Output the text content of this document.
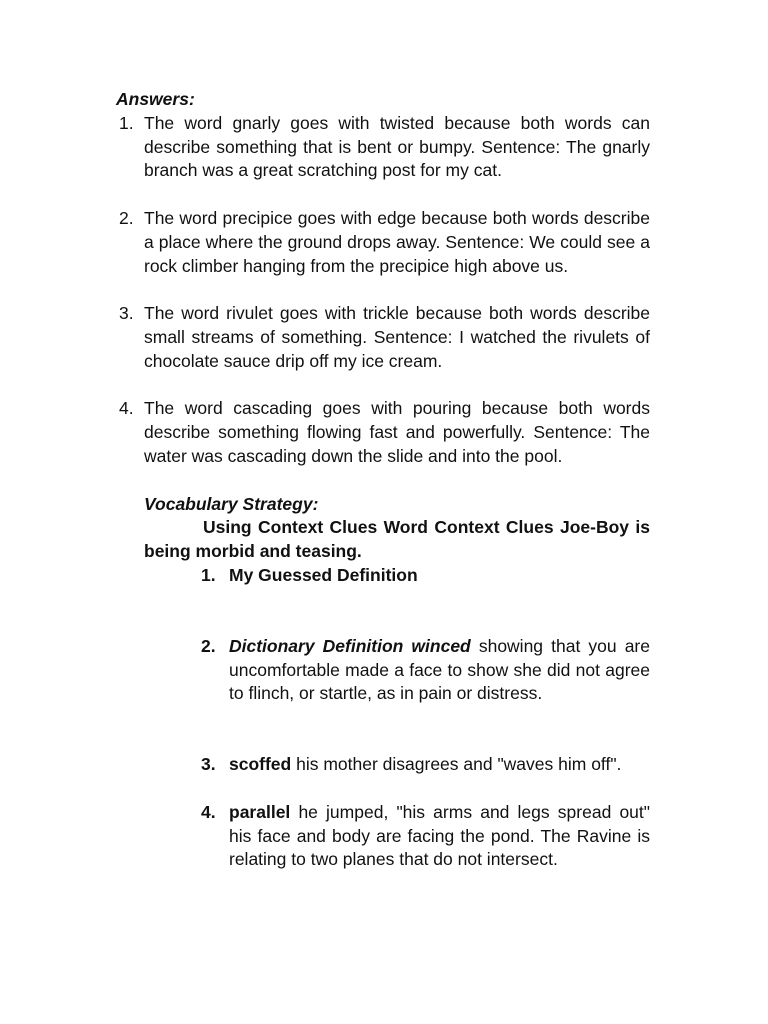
Answers:

1. The word gnarly goes with twisted because both words can describe something that is bent or bumpy. Sentence: The gnarly branch was a great scratching post for my cat.
2. The word precipice goes with edge because both words describe a place where the ground drops away. Sentence: We could see a rock climber hanging from the precipice high above us.
3. The word rivulet goes with trickle because both words describe small streams of something. Sentence: I watched the rivulets of chocolate sauce drip off my ice cream.
4. The word cascading goes with pouring because both words describe something flowing fast and powerfully. Sentence: The water was cascading down the slide and into the pool.
Vocabulary Strategy:
Using Context Clues Word Context Clues Joe-Boy is being morbid and teasing.
1. My Guessed Definition
2. Dictionary Definition winced showing that you are uncomfortable made a face to show she did not agree to flinch, or startle, as in pain or distress.
3. scoffed his mother disagrees and "waves him off".
4. parallel he jumped, "his arms and legs spread out" his face and body are facing the pond. The Ravine is relating to two planes that do not intersect.
